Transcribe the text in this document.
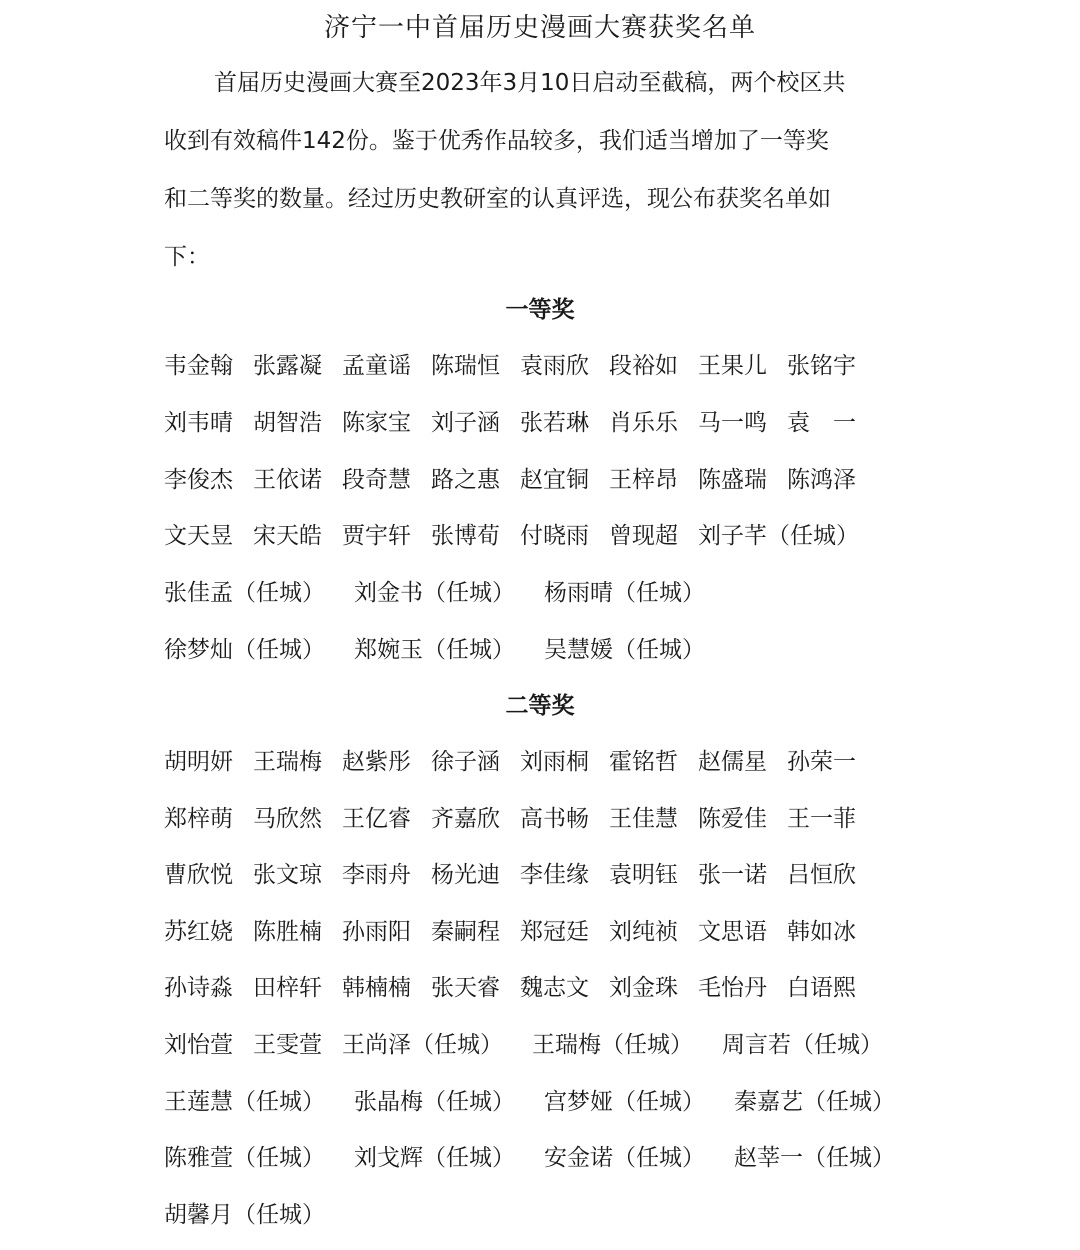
济宁一中首届历史漫画大赛获奖名单
首届历史漫画大赛至2023年3月10日启动至截稿，两个校区共
收到有效稿件142份。鉴于优秀作品较多，我们适当增加了一等奖
和二等奖的数量。经过历史教研室的认真评选，现公布获奖名单如
下：
一等奖
韦金翰 张露凝 孟童谣 陈瑞恒 袁雨欣 段裕如 王果儿 张铭宇
刘韦晴 胡智浩 陈家宝 刘子涵 张若琳 肖乐乐 马一鸣 袁　一
李俊杰 王依诺 段奇慧 路之惠 赵宜铜 王梓昂 陈盛瑞 陈鸿泽
文天昱 宋天皓 贾宇轩 张博荀 付晓雨 曾现超 刘子芊（任城）
张佳孟（任城） 刘金书（任城） 杨雨晴（任城）
徐梦灿（任城） 郑婉玉（任城） 吴慧媛（任城）
二等奖
胡明妍 王瑞梅 赵紫彤 徐子涵 刘雨桐 霍铭哲 赵儒星 孙荣一
郑梓萌 马欣然 王亿睿 齐嘉欣 高书畅 王佳慧 陈爱佳 王一菲
曹欣悦 张文琼 李雨舟 杨光迪 李佳缘 袁明钰 张一诺 吕恒欣
苏红娆 陈胜楠 孙雨阳 秦嗣程 郑冠廷 刘纯祯 文思语 韩如冰
孙诗淼 田梓轩 韩楠楠 张天睿 魏志文 刘金珠 毛怡丹 白语熙
刘怡萱 王雯萱 王尚泽（任城） 王瑞梅（任城） 周言若（任城）
王莲慧（任城） 张晶梅（任城） 宫梦娅（任城） 秦嘉艺（任城）
陈雅萱（任城） 刘戈辉（任城） 安金诺（任城） 赵莘一（任城）
胡馨月（任城）
